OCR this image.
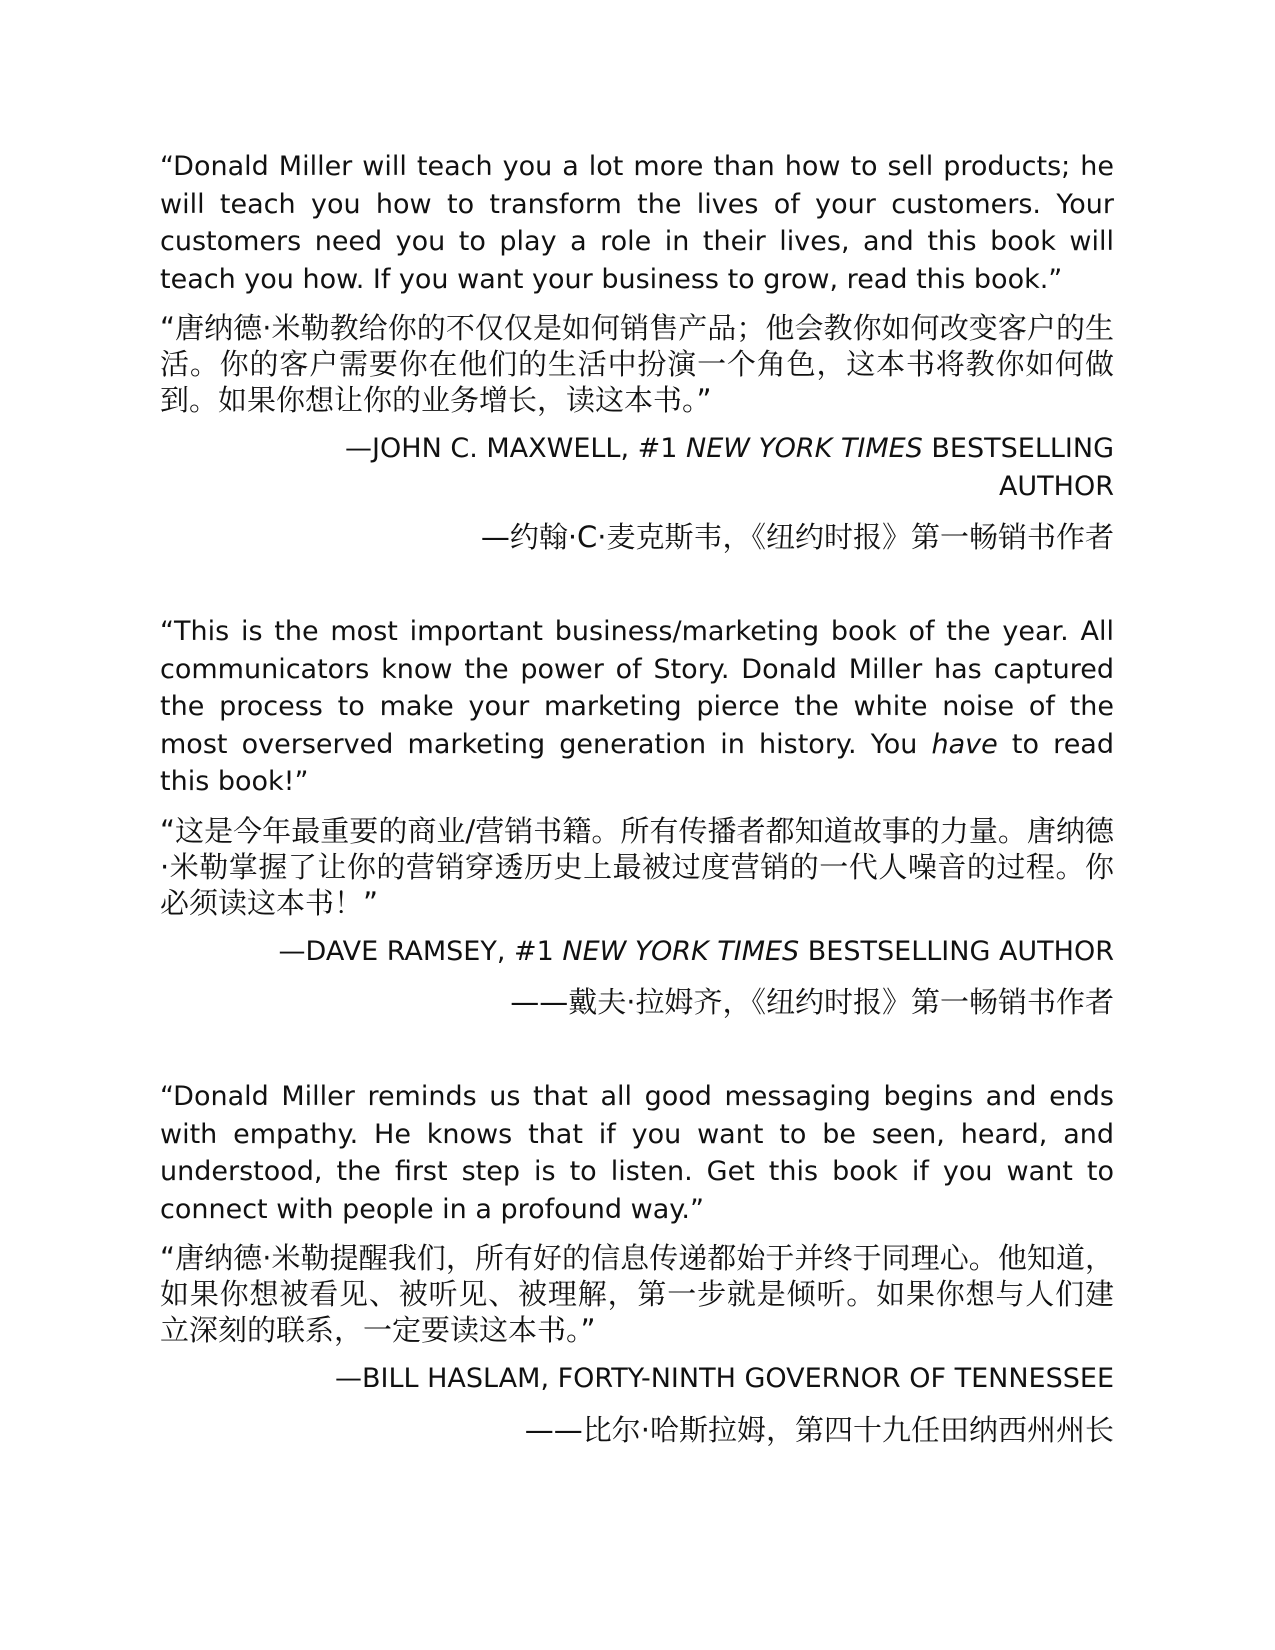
“Donald Miller will teach you a lot more than how to sell products; he will teach you how to transform the lives of your customers. Your customers need you to play a role in their lives, and this book will teach you how. If you want your business to grow, read this book.”

“唐纳德·米勒教给你的不仅仅是如何销售产品；他会教你如何改变客户的生活。你的客户需要你在他们的生活中扮演一个角色，这本书将教你如何做到。如果你想让你的业务增长，读这本书。”

—JOHN C. MAXWELL, #1 NEW YORK TIMES BESTSELLING AUTHOR

—约翰·C·麦克斯韦，《纽约时报》第一畅销书作者

“This is the most important business/marketing book of the year. All communicators know the power of Story. Donald Miller has captured the process to make your marketing pierce the white noise of the most overserved marketing generation in history. You have to read this book!”

“这是今年最重要的商业/营销书籍。所有传播者都知道故事的力量。唐纳德·米勒掌握了让你的营销穿透历史上最被过度营销的一代人噪音的过程。你必须读这本书！”

—DAVE RAMSEY, #1 NEW YORK TIMES BESTSELLING AUTHOR

——戴夫·拉姆齐，《纽约时报》第一畅销书作者

“Donald Miller reminds us that all good messaging begins and ends with empathy. He knows that if you want to be seen, heard, and understood, the first step is to listen. Get this book if you want to connect with people in a profound way.”

“唐纳德·米勒提醒我们，所有好的信息传递都始于并终于同理心。他知道，如果你想被看见、被听见、被理解，第一步就是倾听。如果你想与人们建立深刻的联系，一定要读这本书。”

—BILL HASLAM, FORTY-NINTH GOVERNOR OF TENNESSEE

——比尔·哈斯拉姆，第四十九任田纳西州州长
